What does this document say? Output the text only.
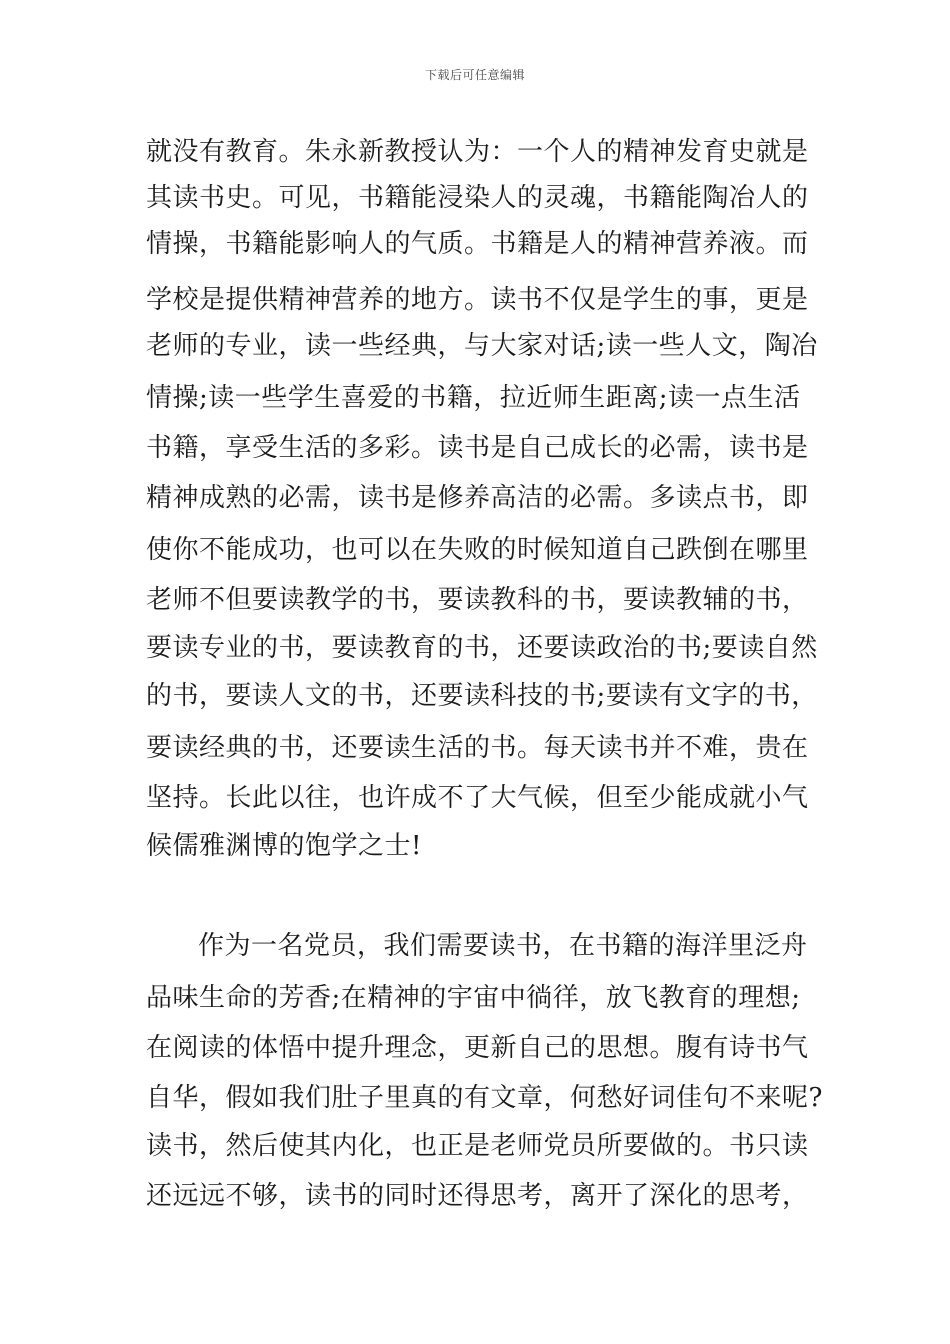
下载后可任意编辑
就没有教育。朱永新教授认为：一个人的精神发育史就是
其读书史。可见，书籍能浸染人的灵魂，书籍能陶冶人的
情操，书籍能影响人的气质。书籍是人的精神营养液。而
学校是提供精神营养的地方。读书不仅是学生的事，更是
老师的专业，读一些经典，与大家对话;读一些人文，陶冶
情操;读一些学生喜爱的书籍，拉近师生距离;读一点生活
书籍，享受生活的多彩。读书是自己成长的必需，读书是
精神成熟的必需，读书是修养高洁的必需。多读点书，即
使你不能成功，也可以在失败的时候知道自己跌倒在哪里
老师不但要读教学的书，要读教科的书，要读教辅的书，
要读专业的书，要读教育的书，还要读政治的书;要读自然
的书，要读人文的书，还要读科技的书;要读有文字的书，
要读经典的书，还要读生活的书。每天读书并不难，贵在
坚持。长此以往，也许成不了大气候，但至少能成就小气
候儒雅渊博的饱学之士!
作为一名党员，我们需要读书，在书籍的海洋里泛舟
品味生命的芳香;在精神的宇宙中徜徉，放飞教育的理想;
在阅读的体悟中提升理念，更新自己的思想。腹有诗书气
自华，假如我们肚子里真的有文章，何愁好词佳句不来呢?
读书，然后使其内化，也正是老师党员所要做的。书只读
还远远不够，读书的同时还得思考，离开了深化的思考，
